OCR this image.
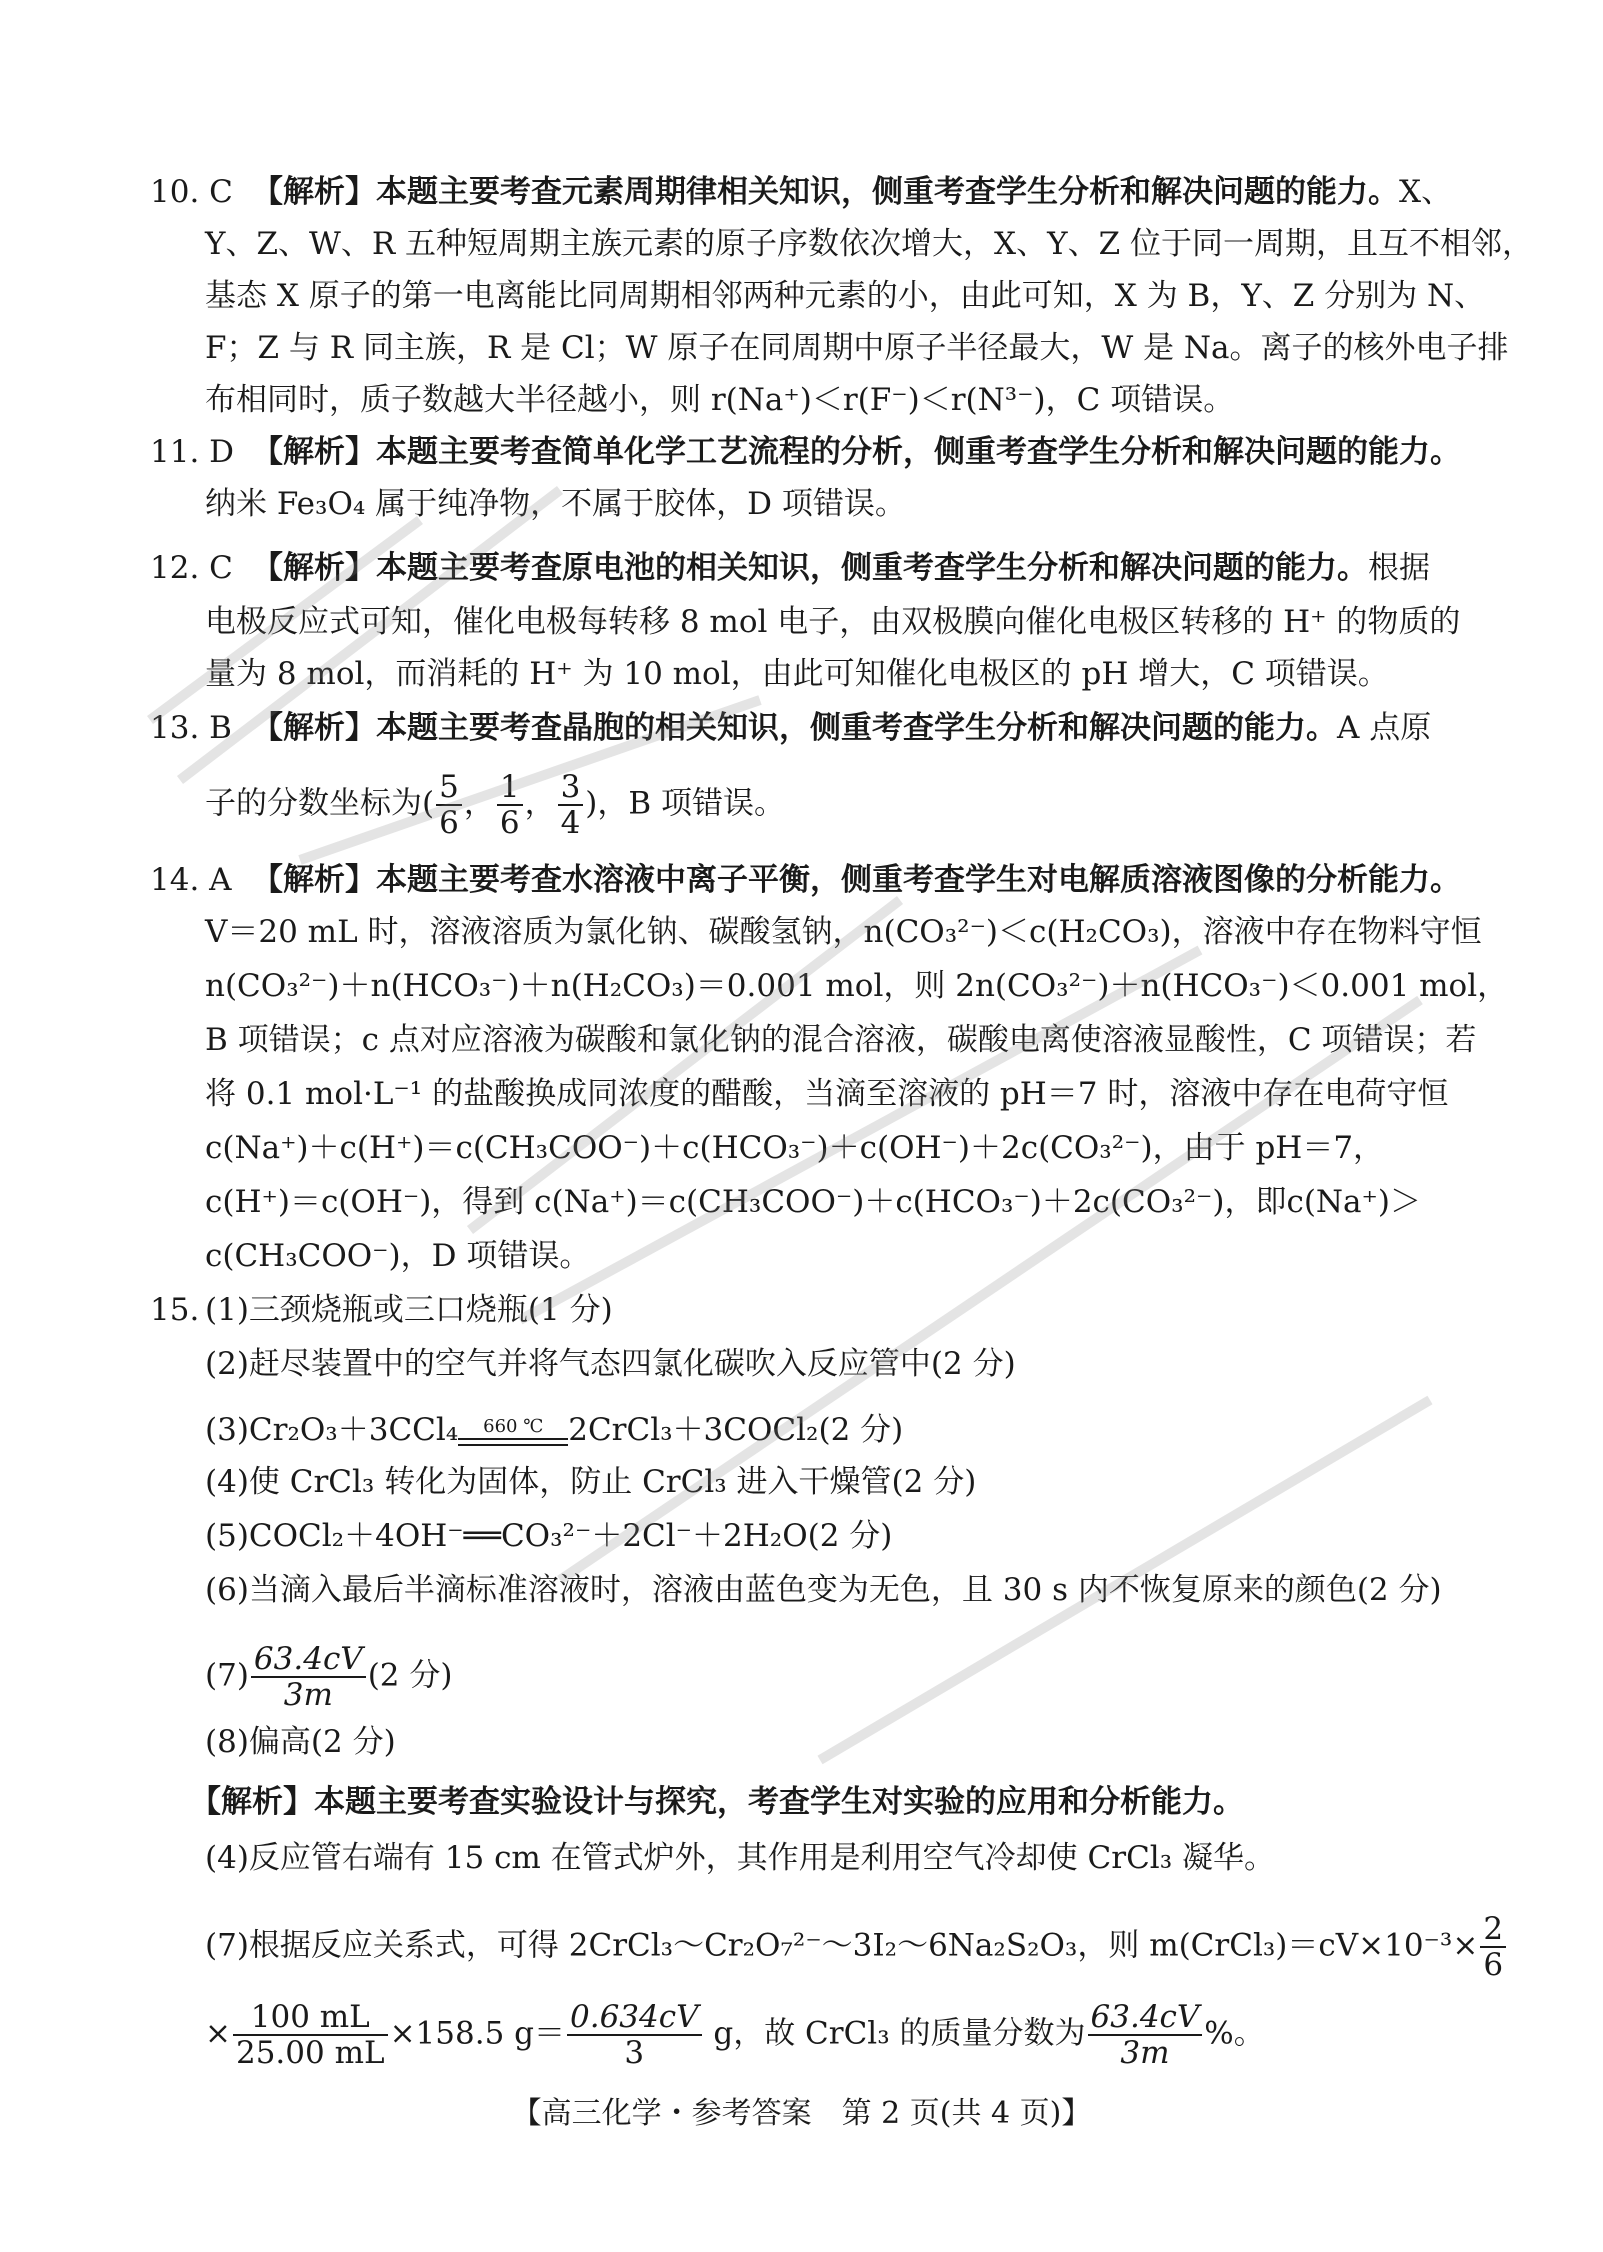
10. C 【解析】本题主要考查元素周期律相关知识，侧重考查学生分析和解决问题的能力。X、
Y、Z、W、R 五种短周期主族元素的原子序数依次增大，X、Y、Z 位于同一周期，且互不相邻，
基态 X 原子的第一电离能比同周期相邻两种元素的小，由此可知，X 为 B，Y、Z 分别为 N、
F；Z 与 R 同主族，R 是 Cl；W 原子在同周期中原子半径最大，W 是 Na。离子的核外电子排
布相同时，质子数越大半径越小，则 r(Na⁺)＜r(F⁻)＜r(N³⁻)，C 项错误。
11. D 【解析】本题主要考查简单化学工艺流程的分析，侧重考查学生分析和解决问题的能力。
纳米 Fe₃O₄ 属于纯净物，不属于胶体，D 项错误。
12. C 【解析】本题主要考查原电池的相关知识，侧重考查学生分析和解决问题的能力。根据
电极反应式可知，催化电极每转移 8 mol 电子，由双极膜向催化电极区转移的 H⁺ 的物质的
量为 8 mol，而消耗的 H⁺ 为 10 mol，由此可知催化电极区的 pH 增大，C 项错误。
13. B 【解析】本题主要考查晶胞的相关知识，侧重考查学生分析和解决问题的能力。A 点原
子的分数坐标为( $\frac{5}{6}$ ， $\frac{1}{6}$ ， $\frac{3}{4}$ )，B 项错误。
14. A 【解析】本题主要考查水溶液中离子平衡，侧重考查学生对电解质溶液图像的分析能力。
V＝20 mL 时，溶液溶质为氯化钠、碳酸氢钠，n(CO₃²⁻)＜c(H₂CO₃)，溶液中存在物料守恒
n(CO₃²⁻)＋n(HCO₃⁻)＋n(H₂CO₃)＝0.001 mol，则 2n(CO₃²⁻)＋n(HCO₃⁻)＜0.001 mol，
B 项错误；c 点对应溶液为碳酸和氯化钠的混合溶液，碳酸电离使溶液显酸性，C 项错误；若
将 0.1 mol·L⁻¹ 的盐酸换成同浓度的醋酸，当滴至溶液的 pH＝7 时，溶液中存在电荷守恒
c(Na⁺)＋c(H⁺)＝c(CH₃COO⁻)＋c(HCO₃⁻)＋c(OH⁻)＋2c(CO₃²⁻)，由于 pH＝7，
c(H⁺)＝c(OH⁻)，得到 c(Na⁺)＝c(CH₃COO⁻)＋c(HCO₃⁻)＋2c(CO₃²⁻)，即c(Na⁺)＞
c(CH₃COO⁻)，D 项错误。
15. (1)三颈烧瓶或三口烧瓶(1 分)
(2)赶尽装置中的空气并将气态四氯化碳吹入反应管中(2 分)
(3)Cr₂O₃＋3CCl₄	660 ℃ 2CrCl₃＋3COCl₂(2 分)
(4)使 CrCl₃ 转化为固体，防止 CrCl₃ 进入干燥管(2 分)
(5)COCl₂＋4OH⁻══CO₃²⁻＋2Cl⁻＋2H₂O(2 分)
(6)当滴入最后半滴标准溶液时，溶液由蓝色变为无色，且 30 s 内不恢复原来的颜色(2 分)
$(7) \frac{63.4cV}{3m} (2$ 分)
(8)偏高(2 分)
【解析】本题主要考查实验设计与探究，考查学生对实验的应用和分析能力。
(4)反应管右端有 15 cm 在管式炉外，其作用是利用空气冷却使 CrCl₃ 凝华。
(7)根据反应关系式，可得 2CrCl₃～Cr₂O₇²⁻～3I₂～6Na₂S₂O₃，则 m(CrCl₃)＝cV×10⁻³× $\frac{2}{6}$
× $\frac{100 mL}{25.00 mL} \times 158.5$ $g= \frac{0.634cV}{3}$ g，故 CrCl₃ 的质量分数为 $\frac{63.4cV}{3m}$ %。
【高三化学・参考答案　第 2 页(共 4 页)】
